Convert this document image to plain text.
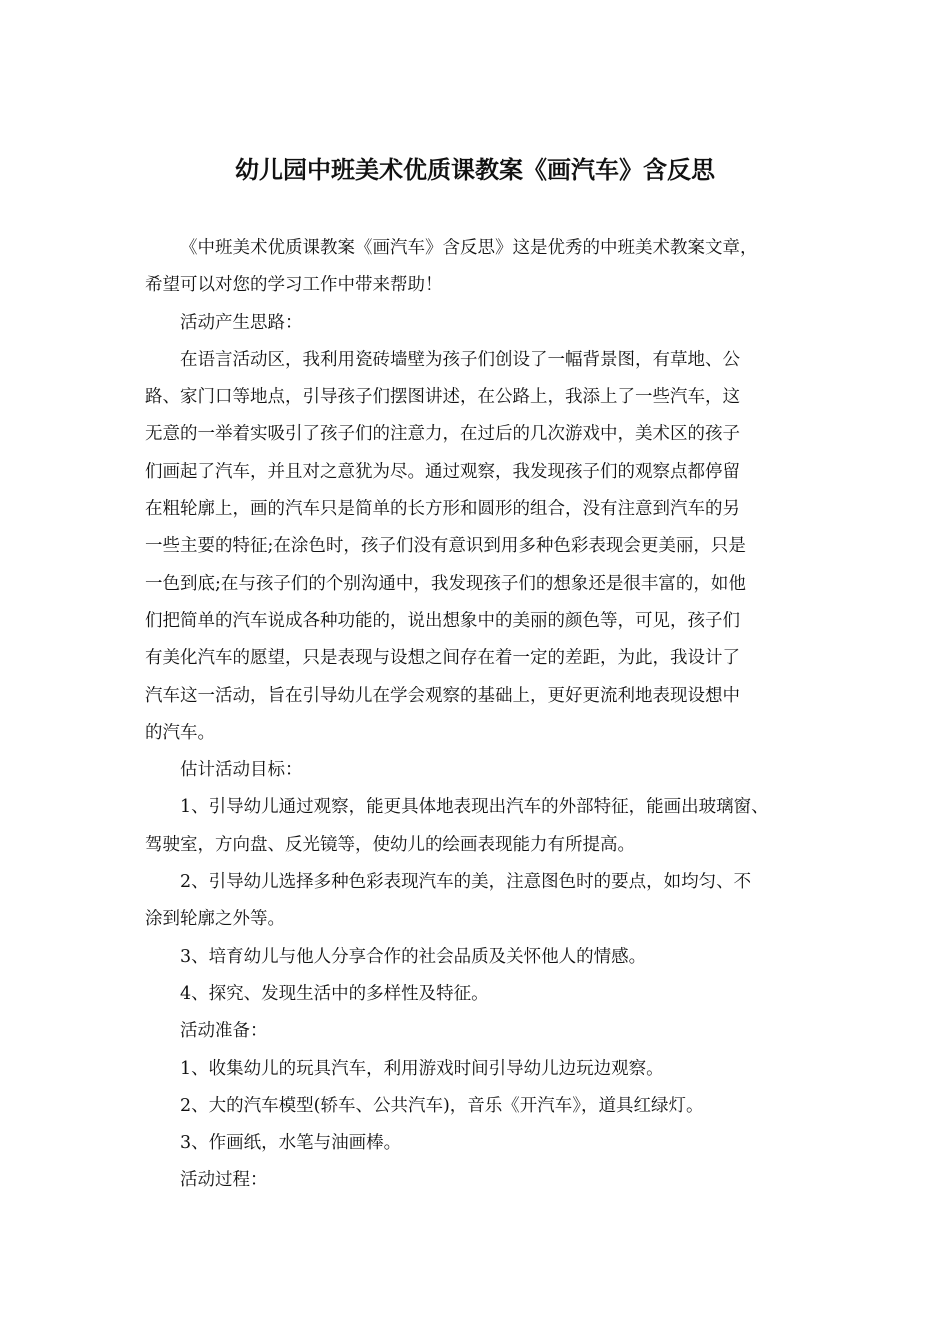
幼儿园中班美术优质课教案《画汽车》含反思

《中班美术优质课教案《画汽车》含反思》这是优秀的中班美术教案文章，
希望可以对您的学习工作中带来帮助！

活动产生思路：

在语言活动区，我利用瓷砖墙壁为孩子们创设了一幅背景图，有草地、公
路、家门口等地点，引导孩子们摆图讲述，在公路上，我添上了一些汽车，这
无意的一举着实吸引了孩子们的注意力，在过后的几次游戏中，美术区的孩子
们画起了汽车，并且对之意犹为尽。通过观察，我发现孩子们的观察点都停留
在粗轮廓上，画的汽车只是简单的长方形和圆形的组合，没有注意到汽车的另
一些主要的特征;在涂色时，孩子们没有意识到用多种色彩表现会更美丽，只是
一色到底;在与孩子们的个别沟通中，我发现孩子们的想象还是很丰富的，如他
们把简单的汽车说成各种功能的，说出想象中的美丽的颜色等，可见，孩子们
有美化汽车的愿望，只是表现与设想之间存在着一定的差距，为此，我设计了
汽车这一活动，旨在引导幼儿在学会观察的基础上，更好更流利地表现设想中
的汽车。

估计活动目标：

1、引导幼儿通过观察，能更具体地表现出汽车的外部特征，能画出玻璃窗、
驾驶室，方向盘、反光镜等，使幼儿的绘画表现能力有所提高。

2、引导幼儿选择多种色彩表现汽车的美，注意图色时的要点，如均匀、不
涂到轮廓之外等。

3、培育幼儿与他人分享合作的社会品质及关怀他人的情感。

4、探究、发现生活中的多样性及特征。

活动准备：

1、收集幼儿的玩具汽车，利用游戏时间引导幼儿边玩边观察。

2、大的汽车模型(轿车、公共汽车)，音乐《开汽车》，道具红绿灯。

3、作画纸，水笔与油画棒。

活动过程：
